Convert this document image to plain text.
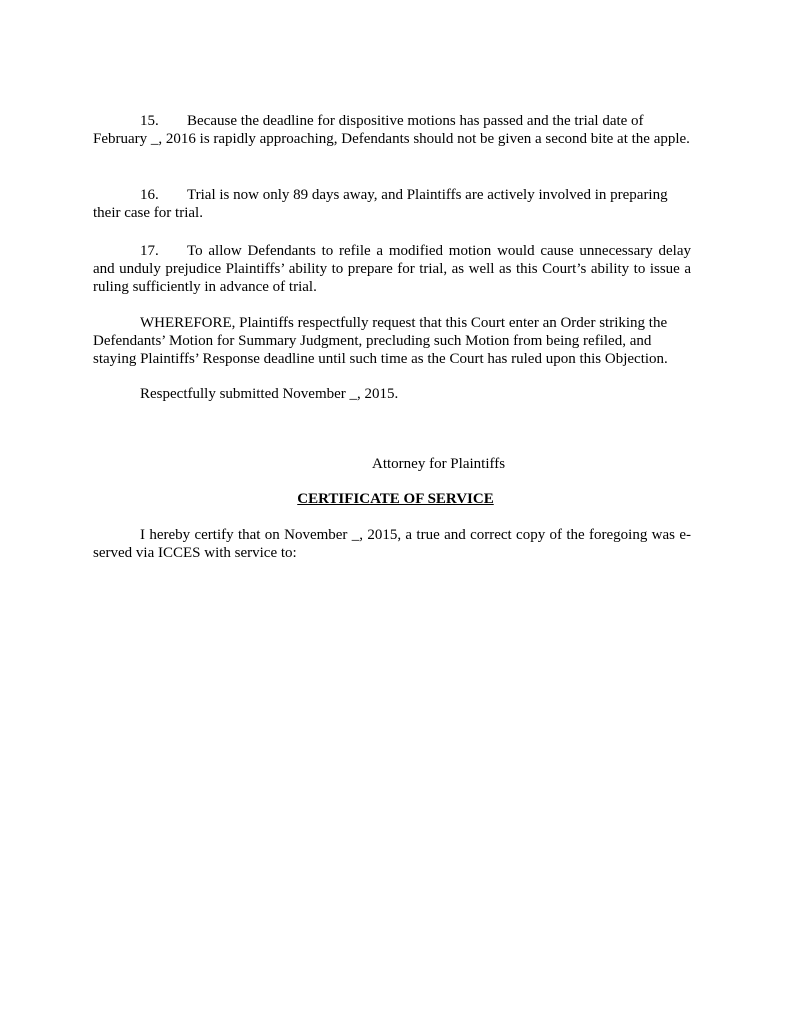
15. Because the deadline for dispositive motions has passed and the trial date of February _, 2016 is rapidly approaching, Defendants should not be given a second bite at the apple.

16. Trial is now only 89 days away, and Plaintiffs are actively involved in preparing their case for trial.

17. To allow Defendants to refile a modified motion would cause unnecessary delay and unduly prejudice Plaintiffs’ ability to prepare for trial, as well as this Court’s ability to issue a ruling sufficiently in advance of trial.

WHEREFORE, Plaintiffs respectfully request that this Court enter an Order striking the Defendants’ Motion for Summary Judgment, precluding such Motion from being refiled, and staying Plaintiffs’ Response deadline until such time as the Court has ruled upon this Objection.

Respectfully submitted November _, 2015.

Attorney for Plaintiffs

CERTIFICATE OF SERVICE

I hereby certify that on November _, 2015, a true and correct copy of the foregoing was e-served via ICCES with service to:
